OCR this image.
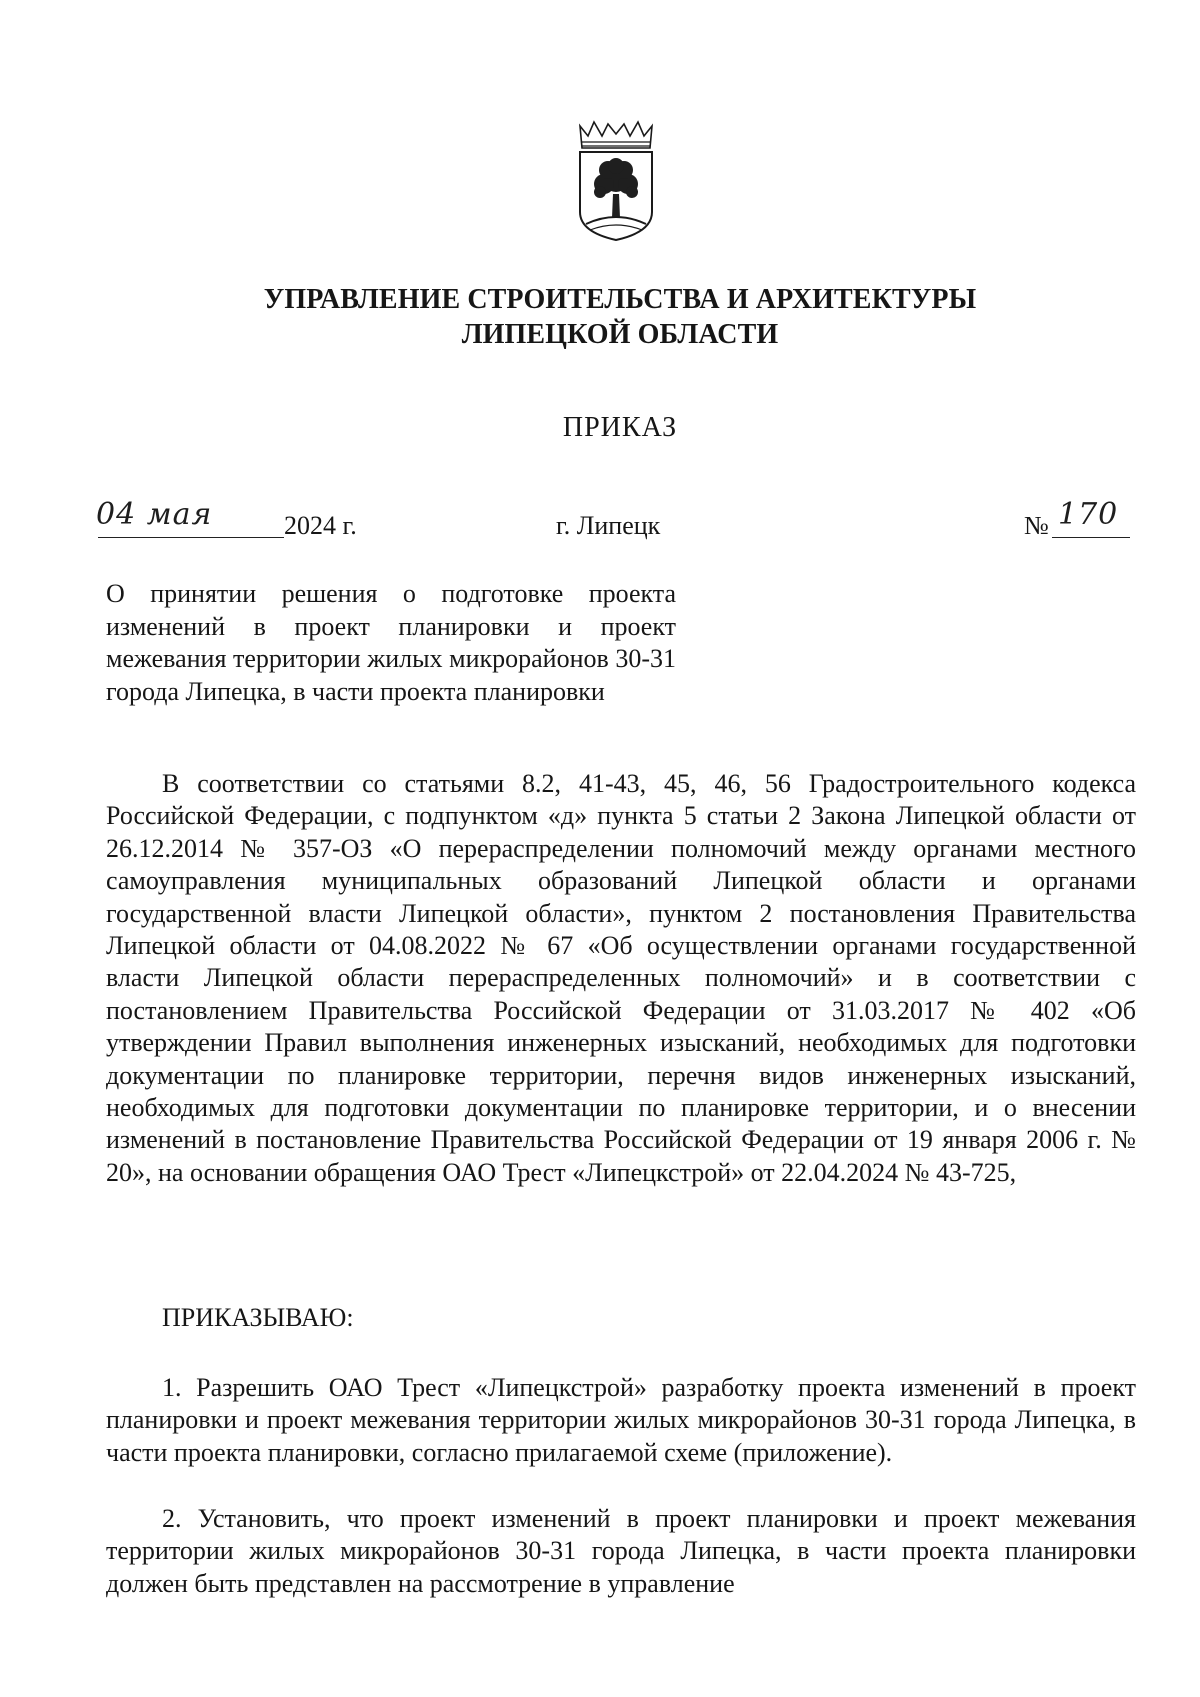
УПРАВЛЕНИЕ СТРОИТЕЛЬСТВА И АРХИТЕКТУРЫ
ЛИПЕЦКОЙ ОБЛАСТИ
ПРИКАЗ
04 мая	2024 г.	г. Липецк	№ 170
О принятии решения о подготовке проекта изменений в проект планировки и проект межевания территории жилых микрорайонов 30-31 города Липецка, в части проекта планировки
В соответствии со статьями 8.2, 41-43, 45, 46, 56 Градостроительного кодекса Российской Федерации, с подпунктом «д» пункта 5 статьи 2 Закона Липецкой области от 26.12.2014 № 357-ОЗ «О перераспределении полномочий между органами местного самоуправления муниципальных образований Липецкой области и органами государственной власти Липецкой области», пунктом 2 постановления Правительства Липецкой области от 04.08.2022 № 67 «Об осуществлении органами государственной власти Липецкой области перераспределенных полномочий» и в соответствии с постановлением Правительства Российской Федерации от 31.03.2017 № 402 «Об утверждении Правил выполнения инженерных изысканий, необходимых для подготовки документации по планировке территории, перечня видов инженерных изысканий, необходимых для подготовки документации по планировке территории, и о внесении изменений в постановление Правительства Российской Федерации от 19 января 2006 г. № 20», на основании обращения ОАО Трест «Липецкстрой» от 22.04.2024 № 43-725,
ПРИКАЗЫВАЮ:
1. Разрешить ОАО Трест «Липецкстрой» разработку проекта изменений в проект планировки и проект межевания территории жилых микрорайонов 30-31 города Липецка, в части проекта планировки, согласно прилагаемой схеме (приложение).
2. Установить, что проект изменений в проект планировки и проект межевания территории жилых микрорайонов 30-31 города Липецка, в части проекта планировки должен быть представлен на рассмотрение в управление
